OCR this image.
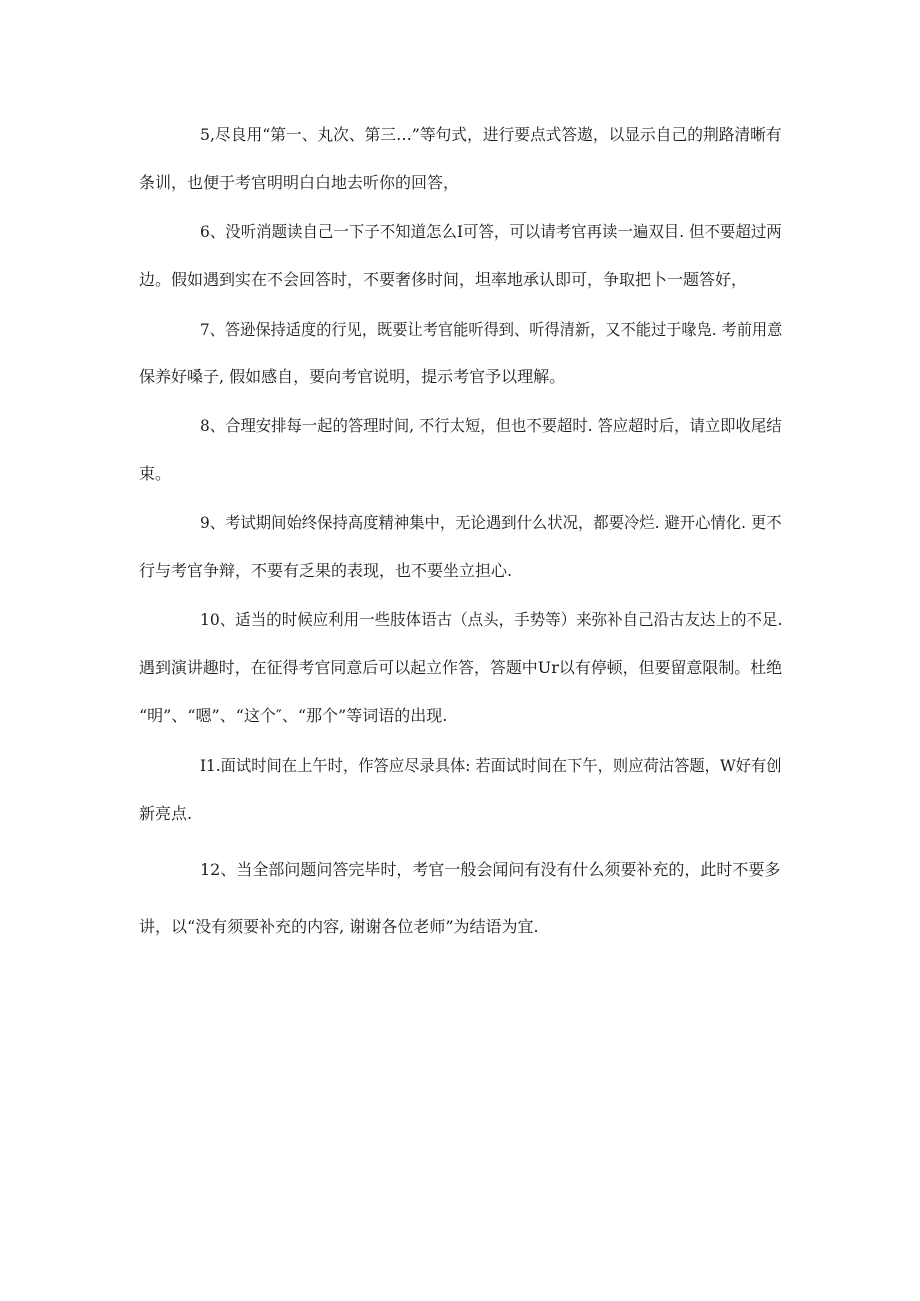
5,尽良用“第一、丸次、第三…”等句式，进行要点式答遨，以显示自己的荆路清晰有
条训，也便于考官明明白白地去听你的回答，
6、没听消题读自己一下子不知道怎么I可答，可以请考官再读一遍双目. 但不要超过两
边。假如遇到实在不会回答时，不要奢侈时间，坦率地承认即可，争取把卜一题答好，
7、答逊保持适度的行见，既要让考官能听得到、听得清新，又不能过于喙凫. 考前用意
保养好嗓子, 假如感自，要向考官说明，提示考官予以理解。
8、合理安排每一起的答理时间, 不行太短，但也不要超时. 答应超时后，请立即收尾结
束。
9、考试期间始终保持高度精神集中，无论遇到什么状况，都要冷烂. 避开心情化. 更不
行与考官争辩，不要有乏果的表现，也不要坐立担心.
10、适当的时候应利用一些肢体语古（点头，手势等）来弥补自己沿古友达上的不足.
遇到演讲趣时，在征得考官同意后可以起立作答，答题中Ur以有停顿，但要留意限制。杜绝
“明”、“嗯”、“这个″、“那个”等词语的出现.
I1.面试时间在上午时，作答应尽录具体: 若面试时间在下午，则应荷沽答题，W好有创
新亮点.
12、当全部问题问答完毕时，考官一般会闻问有没有什么须要补充的，此时不要多
讲，以“没有须要补充的内容, 谢谢各位老师”为结语为宜.
